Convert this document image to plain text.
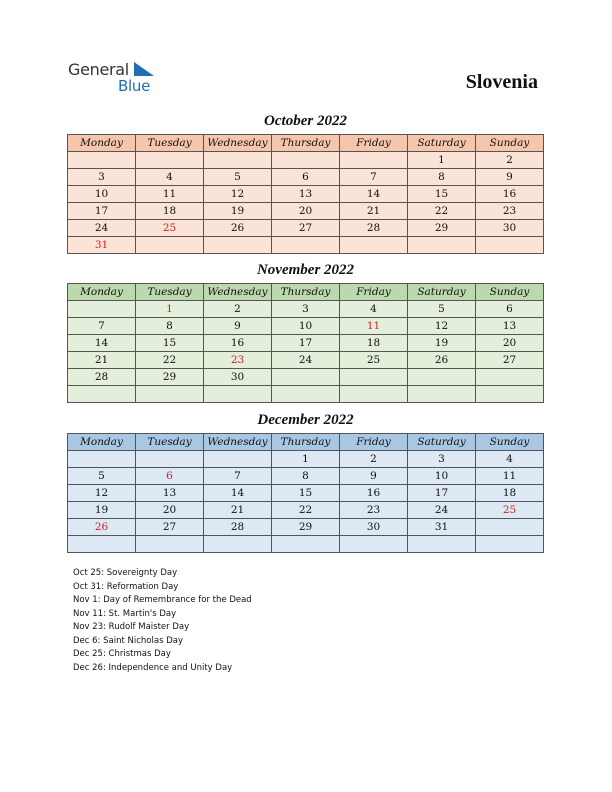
General
Blue	Slovenia
October 2022
Monday	Tuesday	Wednesday	Thursday	Friday	Saturday	Sunday
					1	2
3	4	5	6	7	8	9
10	11	12	13	14	15	16
17	18	19	20	21	22	23
24	25	26	27	28	29	30
31						
November 2022
Monday	Tuesday	Wednesday	Thursday	Friday	Saturday	Sunday
	1	2	3	4	5	6
7	8	9	10	11	12	13
14	15	16	17	18	19	20
21	22	23	24	25	26	27
28	29	30				

December 2022
Monday	Tuesday	Wednesday	Thursday	Friday	Saturday	Sunday
			1	2	3	4
5	6	7	8	9	10	11
12	13	14	15	16	17	18
19	20	21	22	23	24	25
26	27	28	29	30	31	

Oct 25: Sovereignty Day
Oct 31: Reformation Day
Nov 1: Day of Remembrance for the Dead
Nov 11: St. Martin's Day
Nov 23: Rudolf Maister Day
Dec 6: Saint Nicholas Day
Dec 25: Christmas Day
Dec 26: Independence and Unity Day
